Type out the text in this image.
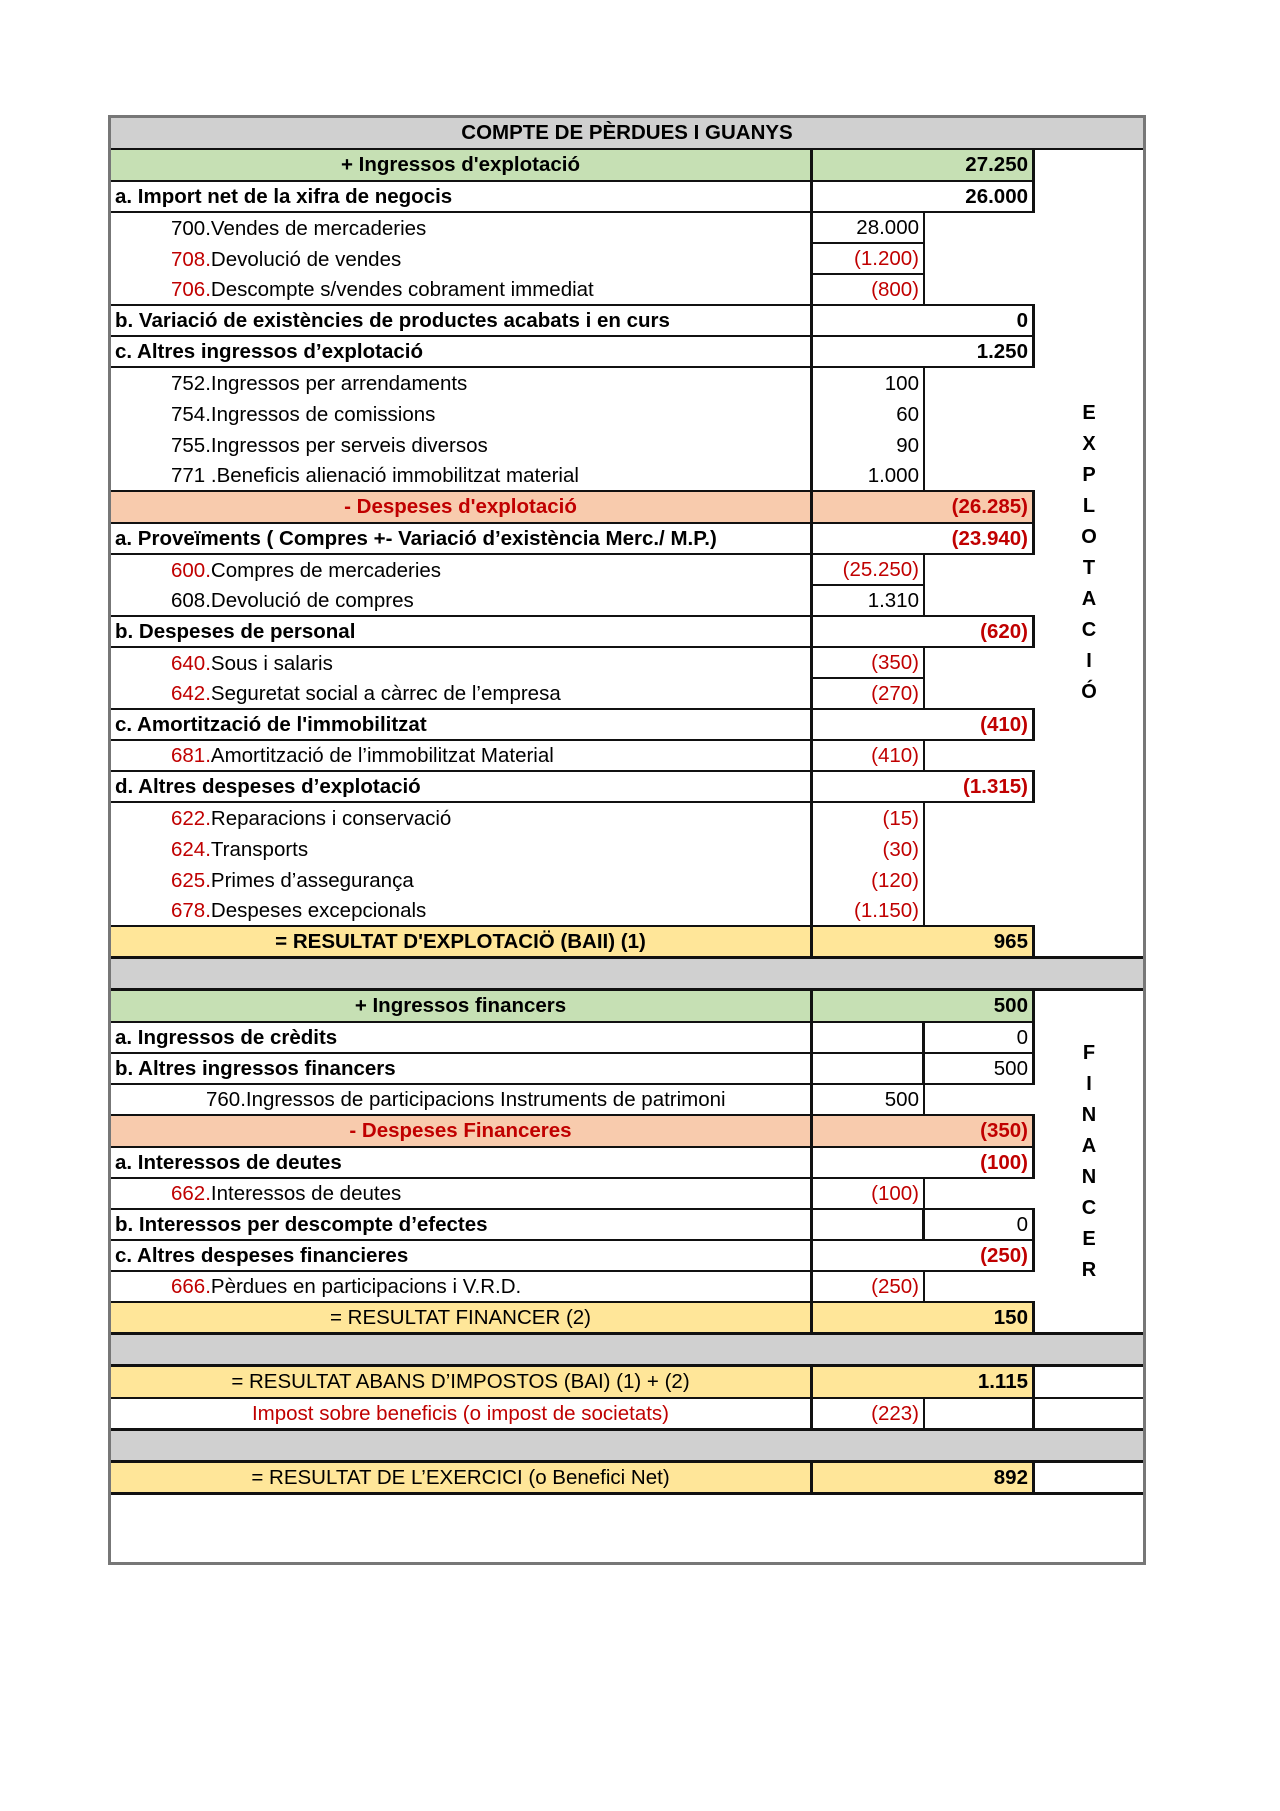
COMPTE DE PÈRDUES I GUANYS
+ Ingressos d'explotació	27.250
a. Import net de la xifra de negocis	26.000
700. Vendes de mercaderies	28.000
708. Devolució de vendes	(1.200)
706. Descompte s/vendes cobrament immediat	(800)
b. Variació de existències de productes acabats i en curs	0
c. Altres ingressos d’explotació	1.250
752. Ingressos per arrendaments	100
754. Ingressos de comissions	60
755. Ingressos per serveis diversos	90
771 . Beneficis alienació immobilitzat material	1.000
- Despeses d'explotació	(26.285)
a. Proveïments ( Compres +- Variació d’existència Merc./ M.P.)	(23.940)
600. Compres de mercaderies	(25.250)
608. Devolució de compres	1.310
b. Despeses de personal	(620)
640. Sous i salaris	(350)
642. Seguretat social a càrrec de l’empresa	(270)
c. Amortització de l'immobilitzat	(410)
681. Amortització de l’immobilitzat Material	(410)
d. Altres despeses d’explotació	(1.315)
622. Reparacions i conservació	(15)
624. Transports	(30)
625. Primes d’assegurança	(120)
678. Despeses excepcionals	(1.150)
= RESULTAT D'EXPLOTACIÖ (BAII) (1)	965
E
X
P
L
O
T
A
C
I
Ó
+ Ingressos financers	500
a. Ingressos de crèdits	0
b. Altres ingressos financers	500
760. Ingressos de participacions Instruments de patrimoni	500
- Despeses Financeres	(350)
a. Interessos de deutes	(100)
662. Interessos de deutes	(100)
b. Interessos per descompte d’efectes	0
c. Altres despeses financieres	(250)
666. Pèrdues en participacions i V.R.D.	(250)
= RESULTAT FINANCER (2)	150
F
I
N
A
N
C
E
R
= RESULTAT ABANS D’IMPOSTOS (BAI) (1) + (2)	1.115
Impost sobre beneficis (o impost de societats)	(223)
= RESULTAT DE L’EXERCICI (o Benefici Net)	892
